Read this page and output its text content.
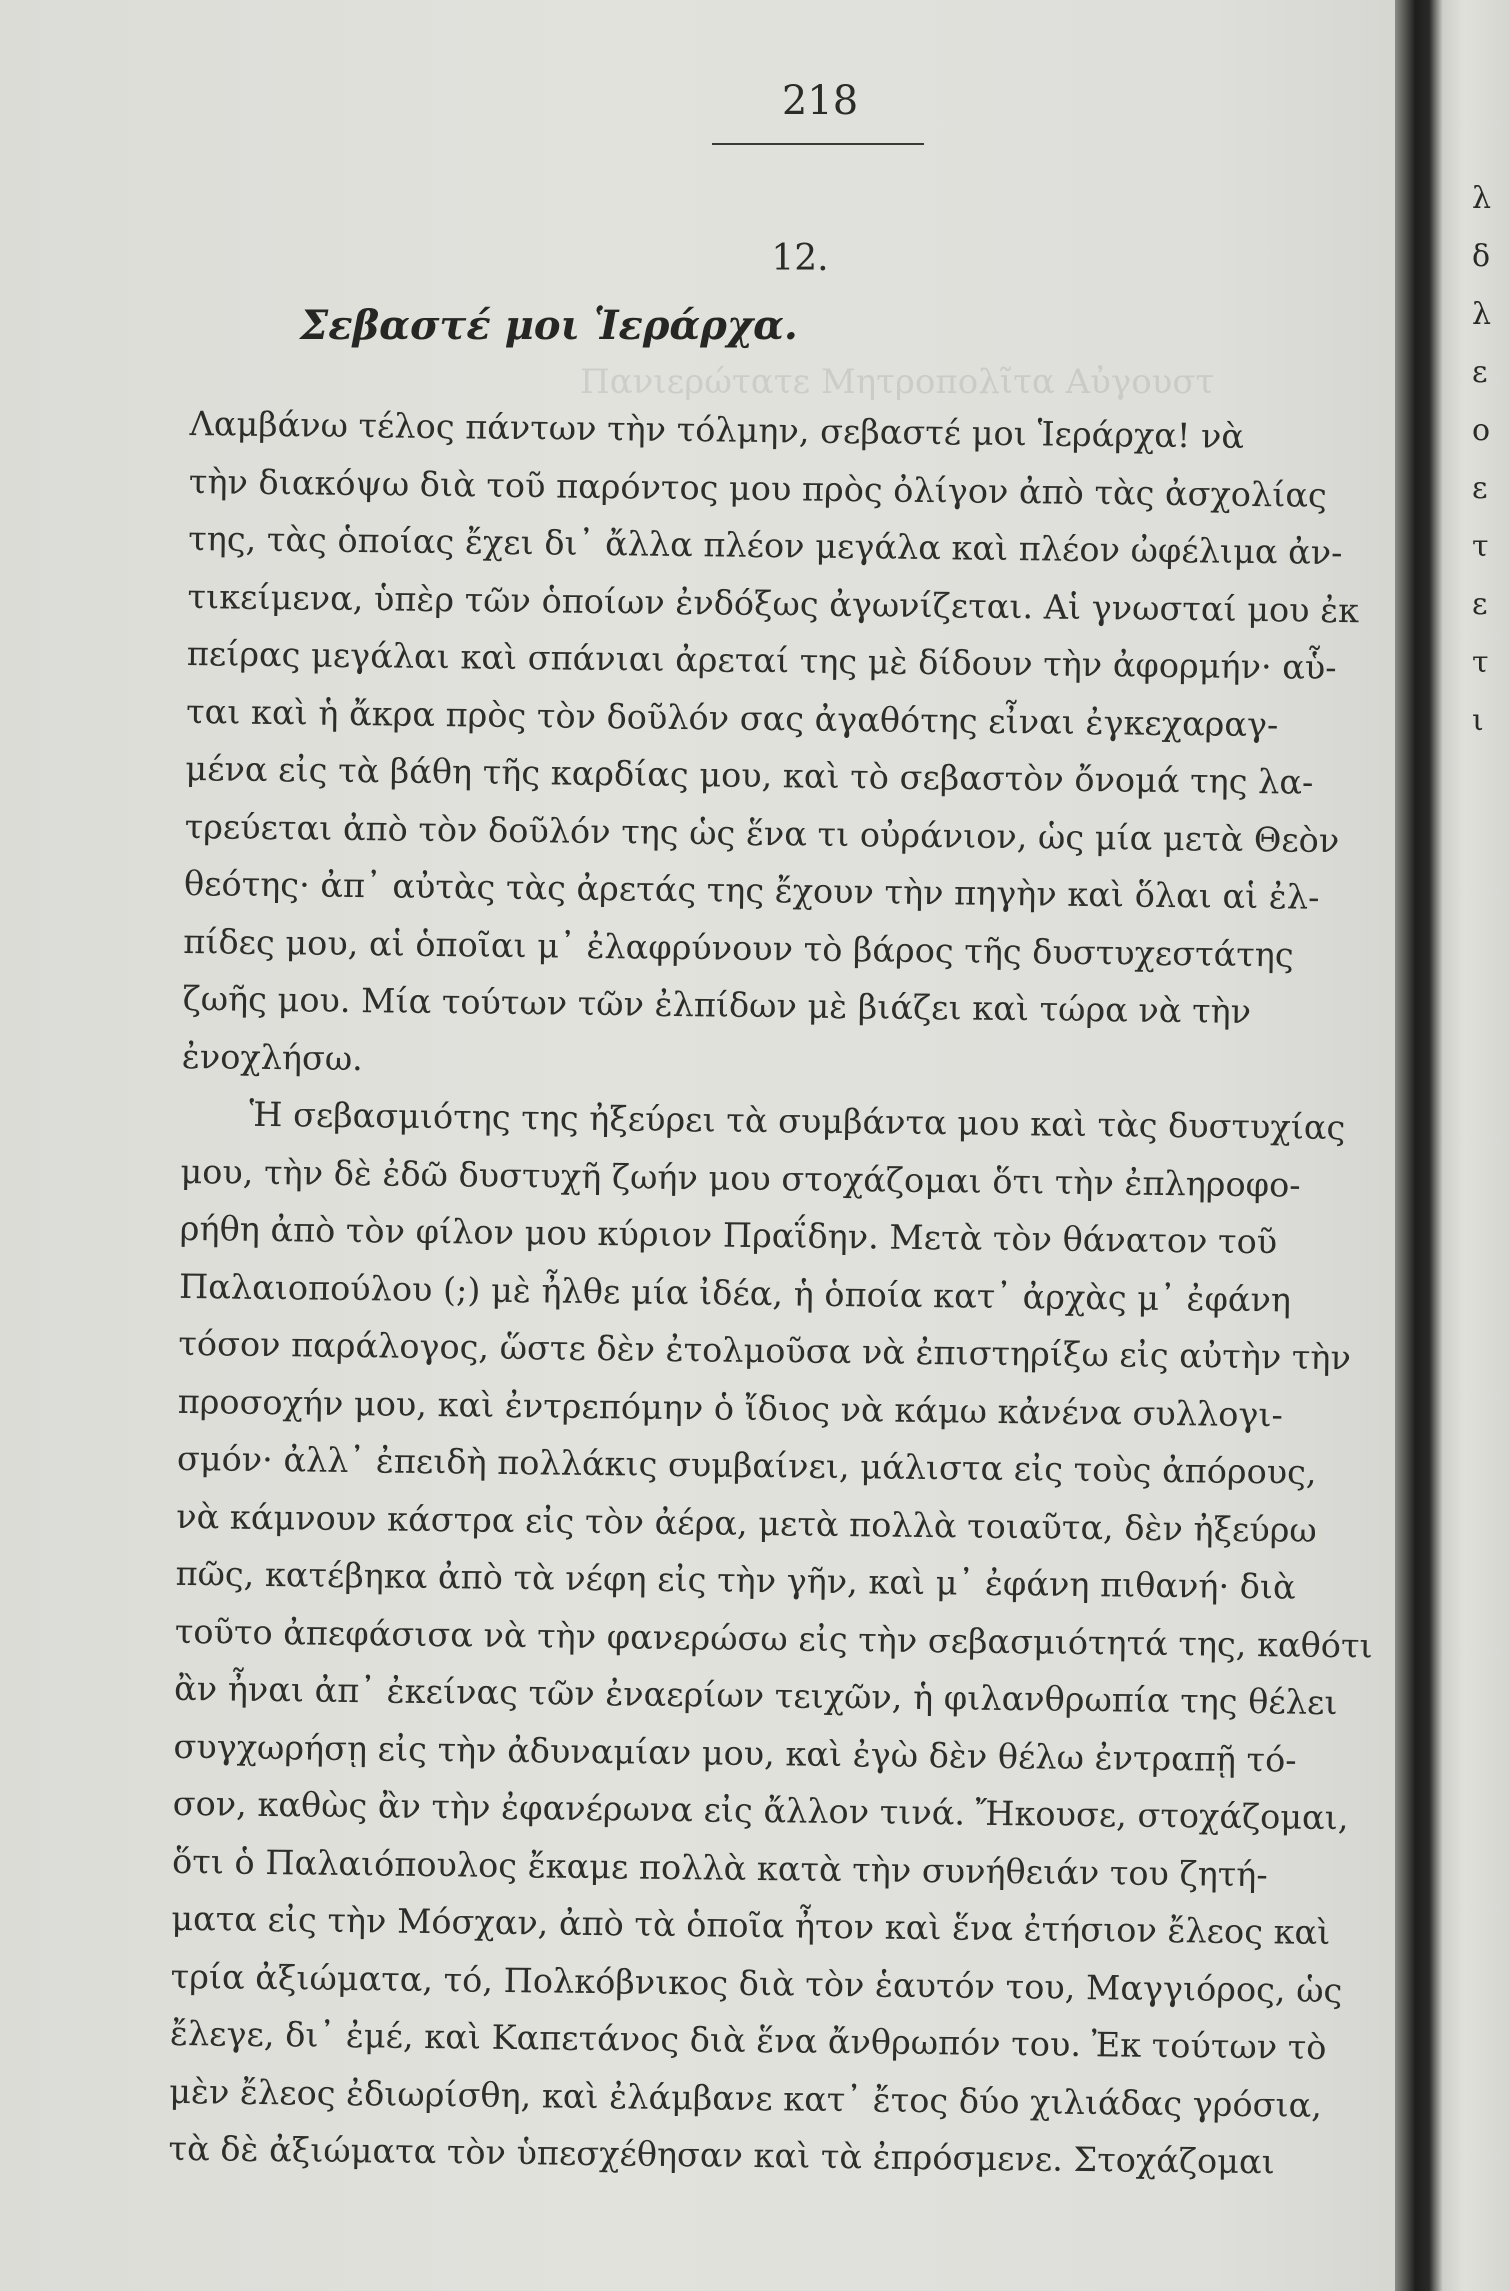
Πανιερώτατε Μητροπολῖτα Αὐγουστ
218
12.
Σεβαστέ μοι Ἱεράρχα.
Λαμβάνω τέλος πάντων τὴν τόλμην, σεβαστέ μοι Ἱεράρχα! νὰ
τὴν διακόψω διὰ τοῦ παρόντος μου πρὸς ὀλίγον ἀπὸ τὰς ἀσχολίας
της, τὰς ὁποίας ἔχει δι᾽ ἄλλα πλέον μεγάλα καὶ πλέον ὠφέλιμα ἀν-
τικείμενα, ὑπὲρ τῶν ὁποίων ἐνδόξως ἀγωνίζεται. Αἱ γνωσταί μου ἐκ
πείρας μεγάλαι καὶ σπάνιαι ἀρεταί της μὲ δίδουν τὴν ἀφορμήν· αὗ-
ται καὶ ἡ ἄκρα πρὸς τὸν δοῦλόν σας ἀγαθότης εἶναι ἐγκεχαραγ-
μένα εἰς τὰ βάθη τῆς καρδίας μου, καὶ τὸ σεβαστὸν ὄνομά της λα-
τρεύεται ἀπὸ τὸν δοῦλόν της ὡς ἕνα τι οὐράνιον, ὡς μία μετὰ Θεὸν
θεότης· ἀπ᾽ αὐτὰς τὰς ἀρετάς της ἔχουν τὴν πηγὴν καὶ ὅλαι αἱ ἐλ-
πίδες μου, αἱ ὁποῖαι μ᾽ ἐλαφρύνουν τὸ βάρος τῆς δυστυχεστάτης
ζωῆς μου. Μία τούτων τῶν ἐλπίδων μὲ βιάζει καὶ τώρα νὰ τὴν
ἐνοχλήσω.
Ἡ σεβασμιότης της ἠξεύρει τὰ συμβάντα μου καὶ τὰς δυστυχίας
μου, τὴν δὲ ἐδῶ δυστυχῆ ζωήν μου στοχάζομαι ὅτι τὴν ἐπληροφο-
ρήθη ἀπὸ τὸν φίλον μου κύριον Πραΐδην. Μετὰ τὸν θάνατον τοῦ
Παλαιοπούλου (;) μὲ ἦλθε μία ἰδέα, ἡ ὁποία κατ᾽ ἀρχὰς μ᾽ ἐφάνη
τόσον παράλογος, ὥστε δὲν ἐτολμοῦσα νὰ ἐπιστηρίξω εἰς αὐτὴν τὴν
προσοχήν μου, καὶ ἐντρεπόμην ὁ ἴδιος νὰ κάμω κἀνένα συλλογι-
σμόν· ἀλλ᾽ ἐπειδὴ πολλάκις συμβαίνει, μάλιστα εἰς τοὺς ἀπόρους,
νὰ κάμνουν κάστρα εἰς τὸν ἀέρα, μετὰ πολλὰ τοιαῦτα, δὲν ἠξεύρω
πῶς, κατέβηκα ἀπὸ τὰ νέφη εἰς τὴν γῆν, καὶ μ᾽ ἐφάνη πιθανή· διὰ
τοῦτο ἀπεφάσισα νὰ τὴν φανερώσω εἰς τὴν σεβασμιότητά της, καθότι
ἂν ἦναι ἀπ᾽ ἐκείνας τῶν ἐναερίων τειχῶν, ἡ φιλανθρωπία της θέλει
συγχωρήσῃ εἰς τὴν ἀδυναμίαν μου, καὶ ἐγὼ δὲν θέλω ἐντραπῇ τό-
σον, καθὼς ἂν τὴν ἐφανέρωνα εἰς ἄλλον τινά. Ἤκουσε, στοχάζομαι,
ὅτι ὁ Παλαιόπουλος ἔκαμε πολλὰ κατὰ τὴν συνήθειάν του ζητή-
ματα εἰς τὴν Μόσχαν, ἀπὸ τὰ ὁποῖα ἦτον καὶ ἕνα ἐτήσιον ἔλεος καὶ
τρία ἀξιώματα, τό, Πολκόβνικος διὰ τὸν ἑαυτόν του, Μαγγιόρος, ὡς
ἔλεγε, δι᾽ ἐμέ, καὶ Καπετάνος διὰ ἕνα ἄνθρωπόν του. Ἐκ τούτων τὸ
μὲν ἔλεος ἐδιωρίσθη, καὶ ἐλάμβανε κατ᾽ ἔτος δύο χιλιάδας γρόσια,
τὰ δὲ ἀξιώματα τὸν ὑπεσχέθησαν καὶ τὰ ἐπρόσμενε. Στοχάζομαι
λ
δ
λ
ε
ο
ε
τ
ε
τ
ι
